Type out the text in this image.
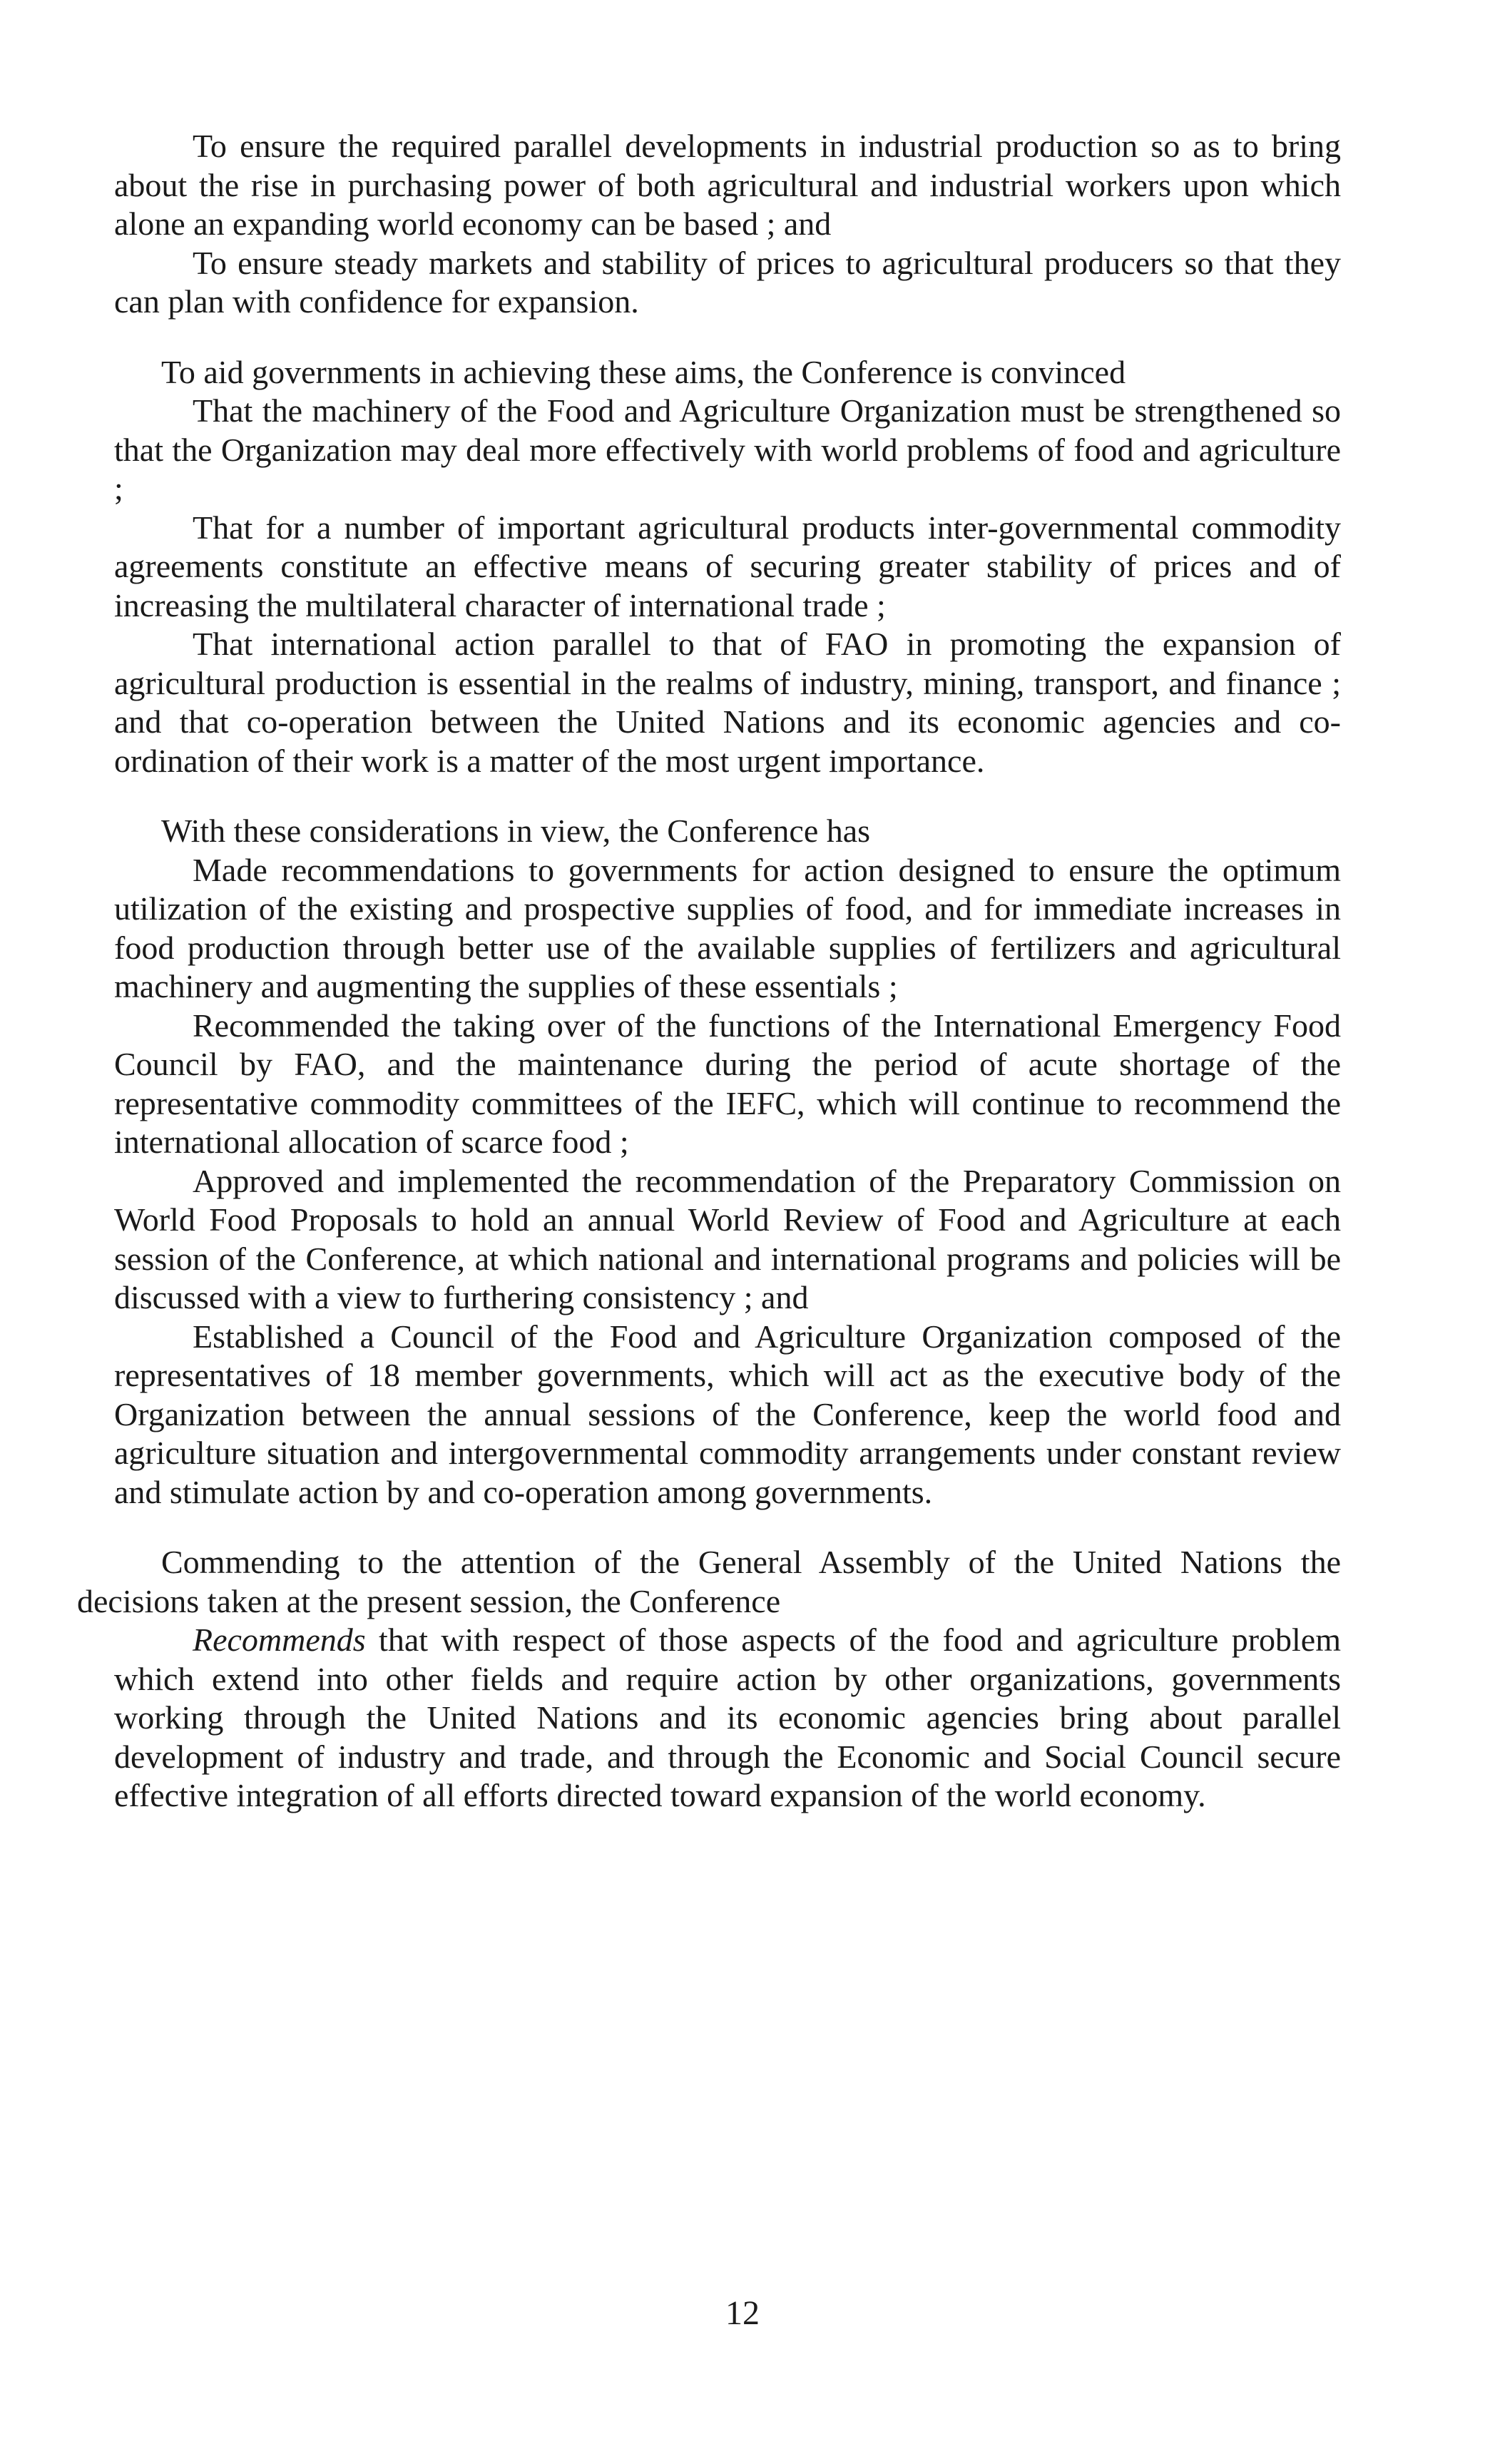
To ensure the required parallel developments in industrial production so as to bring about the rise in purchasing power of both agricultural and industrial workers upon which alone an expanding world economy can be based ; and

To ensure steady markets and stability of prices to agricultural producers so that they can plan with confidence for expansion.

To aid governments in achieving these aims, the Conference is convinced

That the machinery of the Food and Agriculture Organization must be strengthened so that the Organization may deal more effectively with world problems of food and agriculture ;

That for a number of important agricultural products inter-governmental commodity agreements constitute an effective means of securing greater stability of prices and of increasing the multilateral character of international trade ;

That international action parallel to that of FAO in promoting the expansion of agricultural production is essential in the realms of industry, mining, transport, and finance ; and that co-operation between the United Nations and its economic agencies and co-ordination of their work is a matter of the most urgent importance.

With these considerations in view, the Conference has

Made recommendations to governments for action designed to ensure the optimum utilization of the existing and prospective supplies of food, and for immediate increases in food production through better use of the available supplies of fertilizers and agricultural machinery and augmenting the supplies of these essentials ;

Recommended the taking over of the functions of the International Emergency Food Council by FAO, and the maintenance during the period of acute shortage of the representative commodity committees of the IEFC, which will continue to recommend the international allocation of scarce food ;

Approved and implemented the recommendation of the Preparatory Commission on World Food Proposals to hold an annual World Review of Food and Agriculture at each session of the Conference, at which national and international programs and policies will be discussed with a view to furthering consistency ; and

Established a Council of the Food and Agriculture Organization composed of the representatives of 18 member governments, which will act as the executive body of the Organization between the annual sessions of the Conference, keep the world food and agriculture situation and intergovernmental commodity arrangements under constant review and stimulate action by and co-operation among governments.

Commending to the attention of the General Assembly of the United Nations the decisions taken at the present session, the Conference

Recommends that with respect of those aspects of the food and agriculture problem which extend into other fields and require action by other organizations, governments working through the United Nations and its economic agencies bring about parallel development of industry and trade, and through the Economic and Social Council secure effective integration of all efforts directed toward expansion of the world economy.

12
